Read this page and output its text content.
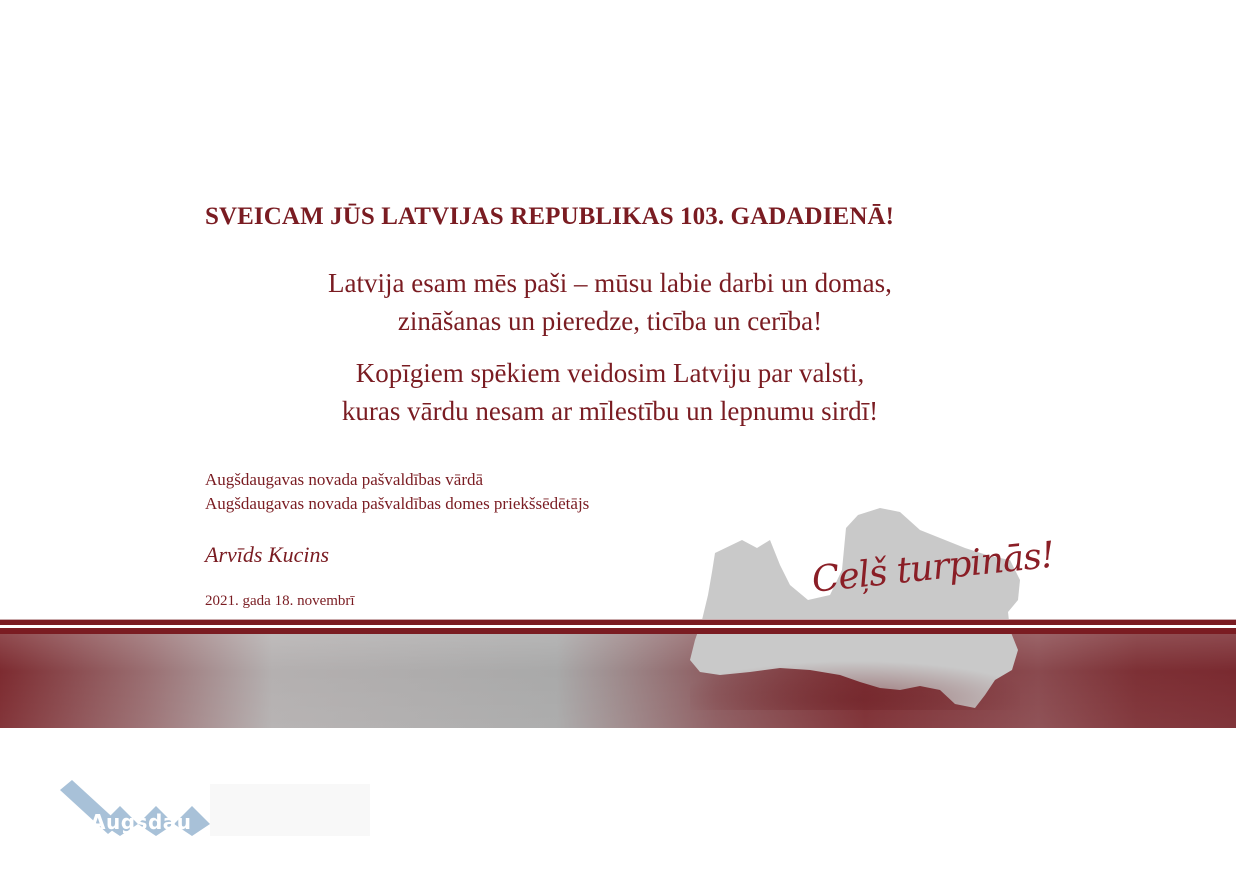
SVEICAM JŪS LATVIJAS REPUBLIKAS 103. GADADIENĀ!
Latvija esam mēs paši – mūsu labie darbi un domas,
zināšanas un pieredze, ticība un cerība!
Kopīgiem spēkiem veidosim Latviju par valsti,
kuras vārdu nesam ar mīlestību un lepnumu sirdī!
Augšdaugavas novada pašvaldības vārdā
Augšdaugavas novada pašvaldības domes priekšsēdētājs
Arvīds Kucins
2021. gada 18. novembrī
Ceļš turpinās!
Augsdau
